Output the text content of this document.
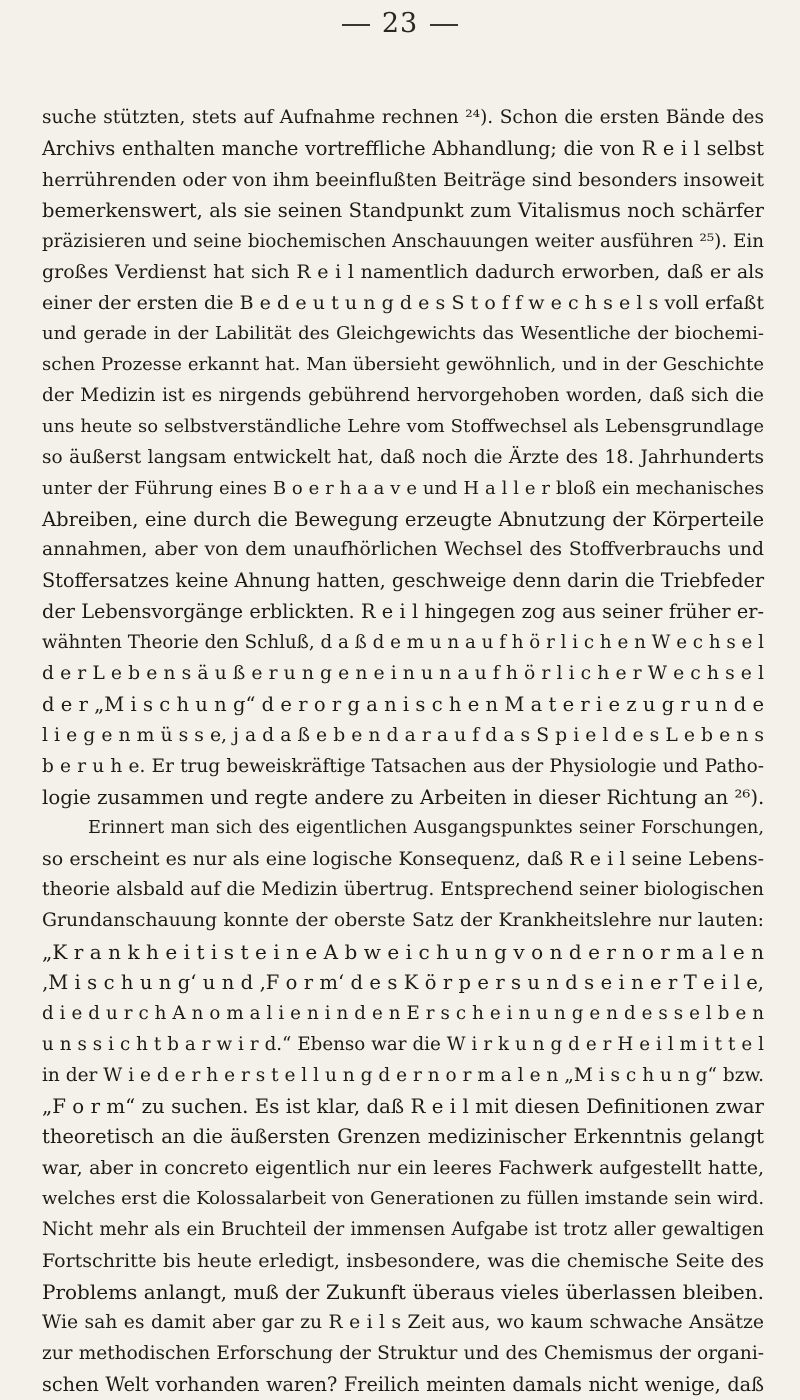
23
suche stützten, stets auf Aufnahme rechnen ²⁴). Schon die ersten Bände des
Archivs enthalten manche vortreffliche Abhandlung; die von R e i l selbst
herrührenden oder von ihm beeinflußten Beiträge sind besonders insoweit
bemerkenswert, als sie seinen Standpunkt zum Vitalismus noch schärfer
präzisieren und seine biochemischen Anschauungen weiter ausführen ²⁵). Ein
großes Verdienst hat sich R e i l namentlich dadurch erworben, daß er als
einer der ersten die B e d e u t u n g d e s S t o f f w e c h s e l s voll erfaßt
und gerade in der Labilität des Gleichgewichts das Wesentliche der biochemi-
schen Prozesse erkannt hat. Man übersieht gewöhnlich, und in der Geschichte
der Medizin ist es nirgends gebührend hervorgehoben worden, daß sich die
uns heute so selbstverständliche Lehre vom Stoffwechsel als Lebensgrundlage
so äußerst langsam entwickelt hat, daß noch die Ärzte des 18. Jahrhunderts
unter der Führung eines B o e r h a a v e und H a l l e r bloß ein mechanisches
Abreiben, eine durch die Bewegung erzeugte Abnutzung der Körperteile
annahmen, aber von dem unaufhörlichen Wechsel des Stoffverbrauchs und
Stoffersatzes keine Ahnung hatten, geschweige denn darin die Triebfeder
der Lebensvorgänge erblickten. R e i l hingegen zog aus seiner früher er-
wähnten Theorie den Schluß, d a ß d e m u n a u f h ö r l i c h e n W e c h s e l
d e r L e b e n s ä u ß e r u n g e n e i n u n a u f h ö r l i c h e r W e c h s e l
d e r „M i s c h u n g“ d e r o r g a n i s c h e n M a t e r i e z u g r u n d e
l i e g e n m ü s s e, j a d a ß e b e n d a r a u f d a s S p i e l d e s L e b e n s
b e r u h e. Er trug beweiskräftige Tatsachen aus der Physiologie und Patho-
logie zusammen und regte andere zu Arbeiten in dieser Richtung an ²⁶).
Erinnert man sich des eigentlichen Ausgangspunktes seiner Forschungen,
so erscheint es nur als eine logische Konsequenz, daß R e i l seine Lebens-
theorie alsbald auf die Medizin übertrug. Entsprechend seiner biologischen
Grundanschauung konnte der oberste Satz der Krankheitslehre nur lauten:
„K r a n k h e i t i s t e i n e A b w e i c h u n g v o n d e r n o r m a l e n
‚M i s c h u n g‘ u n d ‚F o r m‘ d e s K ö r p e r s u n d s e i n e r T e i l e,
d i e d u r c h A n o m a l i e n i n d e n E r s c h e i n u n g e n d e s s e l b e n
u n s s i c h t b a r w i r d.“ Ebenso war die W i r k u n g d e r H e i l m i t t e l
in der W i e d e r h e r s t e l l u n g d e r n o r m a l e n „M i s c h u n g“ bzw.
„F o r m“ zu suchen. Es ist klar, daß R e i l mit diesen Definitionen zwar
theoretisch an die äußersten Grenzen medizinischer Erkenntnis gelangt
war, aber in concreto eigentlich nur ein leeres Fachwerk aufgestellt hatte,
welches erst die Kolossalarbeit von Generationen zu füllen imstande sein wird.
Nicht mehr als ein Bruchteil der immensen Aufgabe ist trotz aller gewaltigen
Fortschritte bis heute erledigt, insbesondere, was die chemische Seite des
Problems anlangt, muß der Zukunft überaus vieles überlassen bleiben.
Wie sah es damit aber gar zu R e i l s Zeit aus, wo kaum schwache Ansätze
zur methodischen Erforschung der Struktur und des Chemismus der organi-
schen Welt vorhanden waren? Freilich meinten damals nicht wenige, daß
